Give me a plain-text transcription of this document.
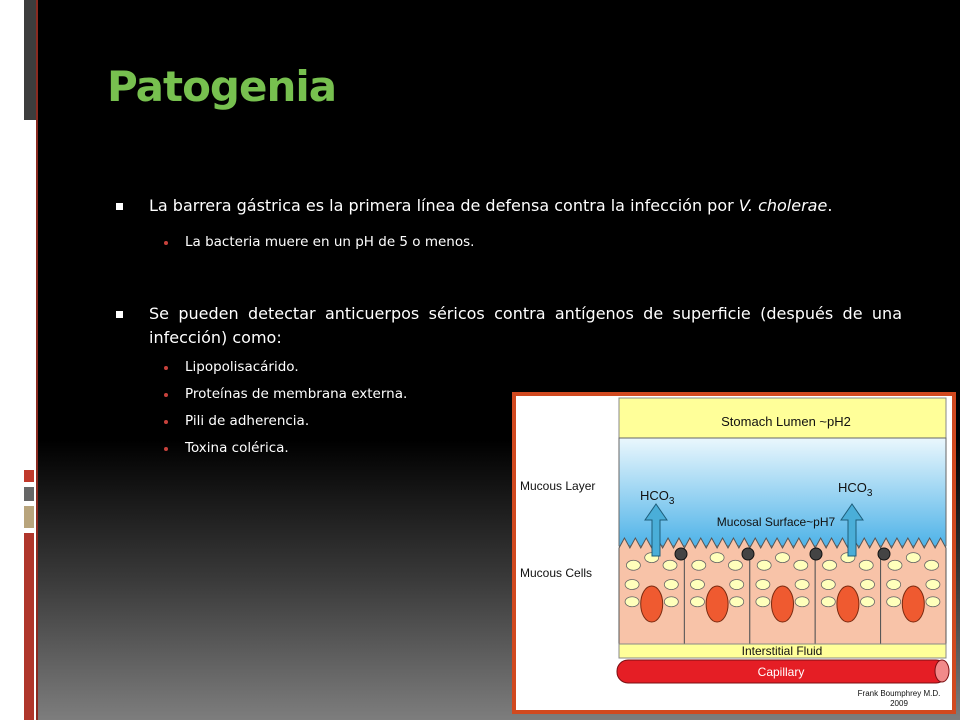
Patogenia
La barrera gástrica es la primera línea de defensa contra la infección por V. cholerae.
La bacteria muere en un pH de 5 o menos.
Se pueden detectar anticuerpos séricos contra antígenos de superficie (después de una infección) como:
Lipopolisacárido.
Proteínas de membrana externa.
Pili de adherencia.
Toxina colérica.
Stomach Lumen ~pH2
Interstitial Fluid
Capillary
Mucous Layer
Mucous Cells
$HCO_3$
$HCO_3$
Mucosal Surface~pH7
Frank Boumphrey M.D.
2009
